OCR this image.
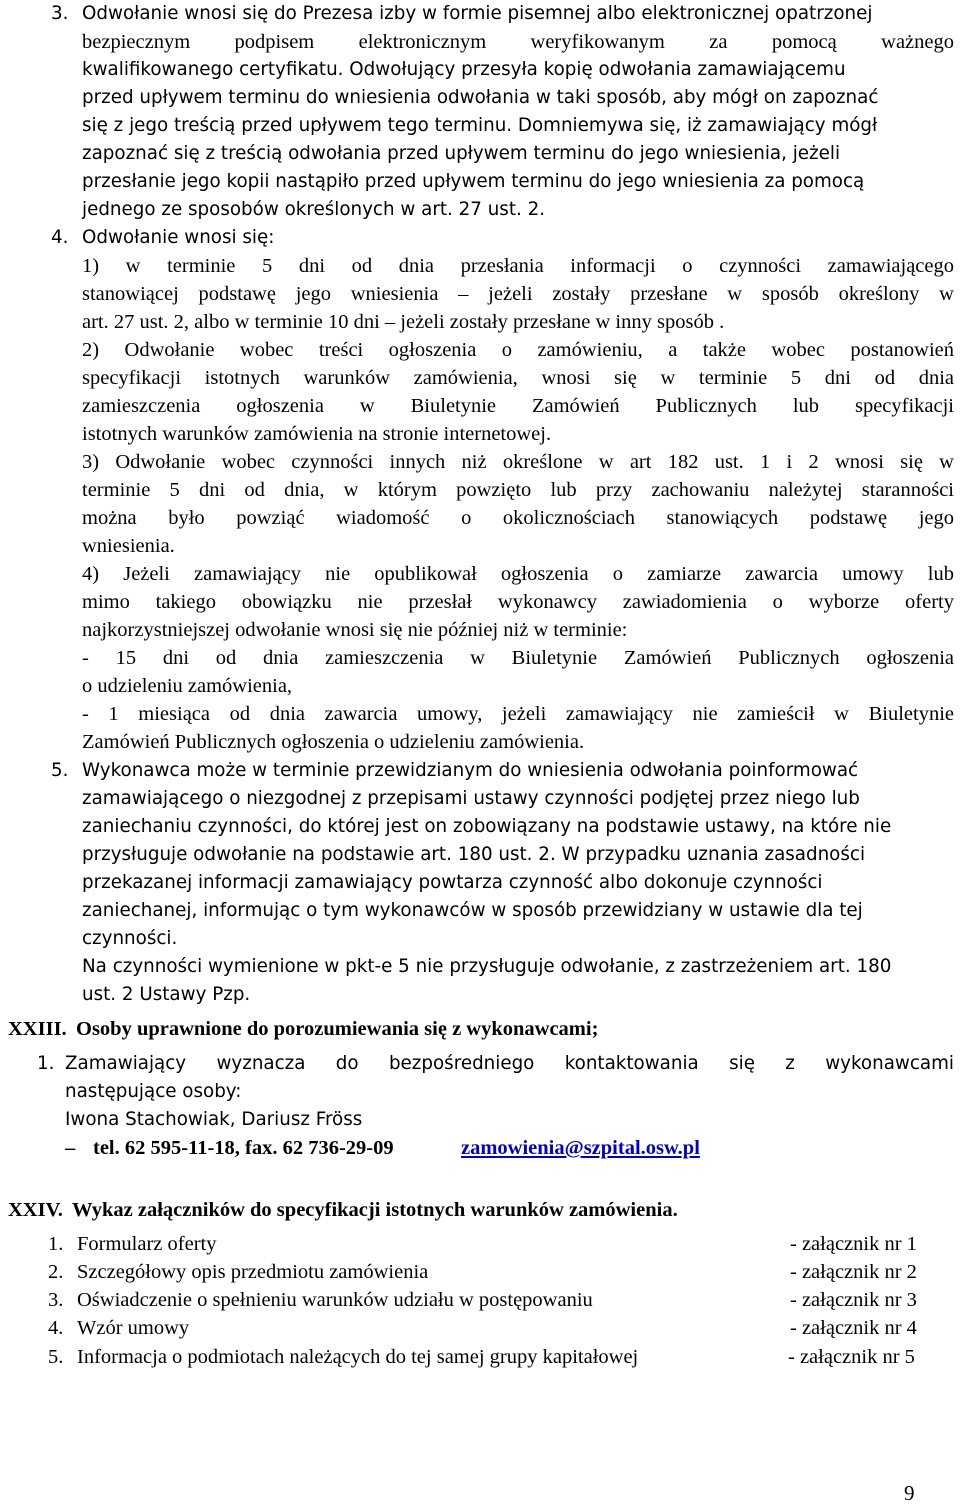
3. Odwołanie wnosi się do Prezesa izby w formie pisemnej albo elektronicznej opatrzonej
bezpiecznym podpisem elektronicznym weryfikowanym za pomocą ważnego
kwalifikowanego certyfikatu. Odwołujący przesyła kopię odwołania zamawiającemu
przed upływem terminu do wniesienia odwołania w taki sposób, aby mógł on zapoznać
się z jego treścią przed upływem tego terminu. Domniemywa się, iż zamawiający mógł
zapoznać się z treścią odwołania przed upływem terminu do jego wniesienia, jeżeli
przesłanie jego kopii nastąpiło przed upływem terminu do jego wniesienia za pomocą
jednego ze sposobów określonych w art. 27 ust. 2.
4. Odwołanie wnosi się:
1) w terminie 5 dni od dnia przesłania informacji o czynności zamawiającego
stanowiącej podstawę jego wniesienia – jeżeli zostały przesłane w sposób określony w
art. 27 ust. 2, albo w terminie 10 dni – jeżeli zostały przesłane w inny sposób .
2) Odwołanie wobec treści ogłoszenia o zamówieniu, a także wobec postanowień
specyfikacji istotnych warunków zamówienia, wnosi się w terminie 5 dni od dnia
zamieszczenia ogłoszenia w Biuletynie Zamówień Publicznych lub specyfikacji
istotnych warunków zamówienia na stronie internetowej.
3) Odwołanie wobec czynności innych niż określone w art 182 ust. 1 i 2 wnosi się w
terminie 5 dni od dnia, w którym powzięto lub przy zachowaniu należytej staranności
można było powziąć wiadomość o okolicznościach stanowiących podstawę jego
wniesienia.
4) Jeżeli zamawiający nie opublikował ogłoszenia o zamiarze zawarcia umowy lub
mimo takiego obowiązku nie przesłał wykonawcy zawiadomienia o wyborze oferty
najkorzystniejszej odwołanie wnosi się nie później niż w terminie:
- 15 dni od dnia zamieszczenia w Biuletynie Zamówień Publicznych ogłoszenia
o udzieleniu zamówienia,
- 1 miesiąca od dnia zawarcia umowy, jeżeli zamawiający nie zamieścił w Biuletynie
Zamówień Publicznych ogłoszenia o udzieleniu zamówienia.
5. Wykonawca może w terminie przewidzianym do wniesienia odwołania poinformować
zamawiającego o niezgodnej z przepisami ustawy czynności podjętej przez niego lub
zaniechaniu czynności, do której jest on zobowiązany na podstawie ustawy, na które nie
przysługuje odwołanie na podstawie art. 180 ust. 2. W przypadku uznania zasadności
przekazanej informacji zamawiający powtarza czynność albo dokonuje czynności
zaniechanej, informując o tym wykonawców w sposób przewidziany w ustawie dla tej
czynności.
Na czynności wymienione w pkt-e 5 nie przysługuje odwołanie, z zastrzeżeniem art. 180
ust. 2 Ustawy Pzp.
XXIII. Osoby uprawnione do porozumiewania się z wykonawcami;
1. Zamawiający wyznacza do bezpośredniego kontaktowania się z wykonawcami
następujące osoby:
Iwona Stachowiak, Dariusz Fröss
– tel. 62 595-11-18, fax. 62 736-29-09	zamowienia@szpital.osw.pl
XXIV. Wykaz załączników do specyfikacji istotnych warunków zamówienia.
1. Formularz oferty	- załącznik nr 1
2. Szczegółowy opis przedmiotu zamówienia	- załącznik nr 2
3. Oświadczenie o spełnieniu warunków udziału w postępowaniu	- załącznik nr 3
4. Wzór umowy	- załącznik nr 4
5. Informacja o podmiotach należących do tej samej grupy kapitałowej	- załącznik nr 5
9
